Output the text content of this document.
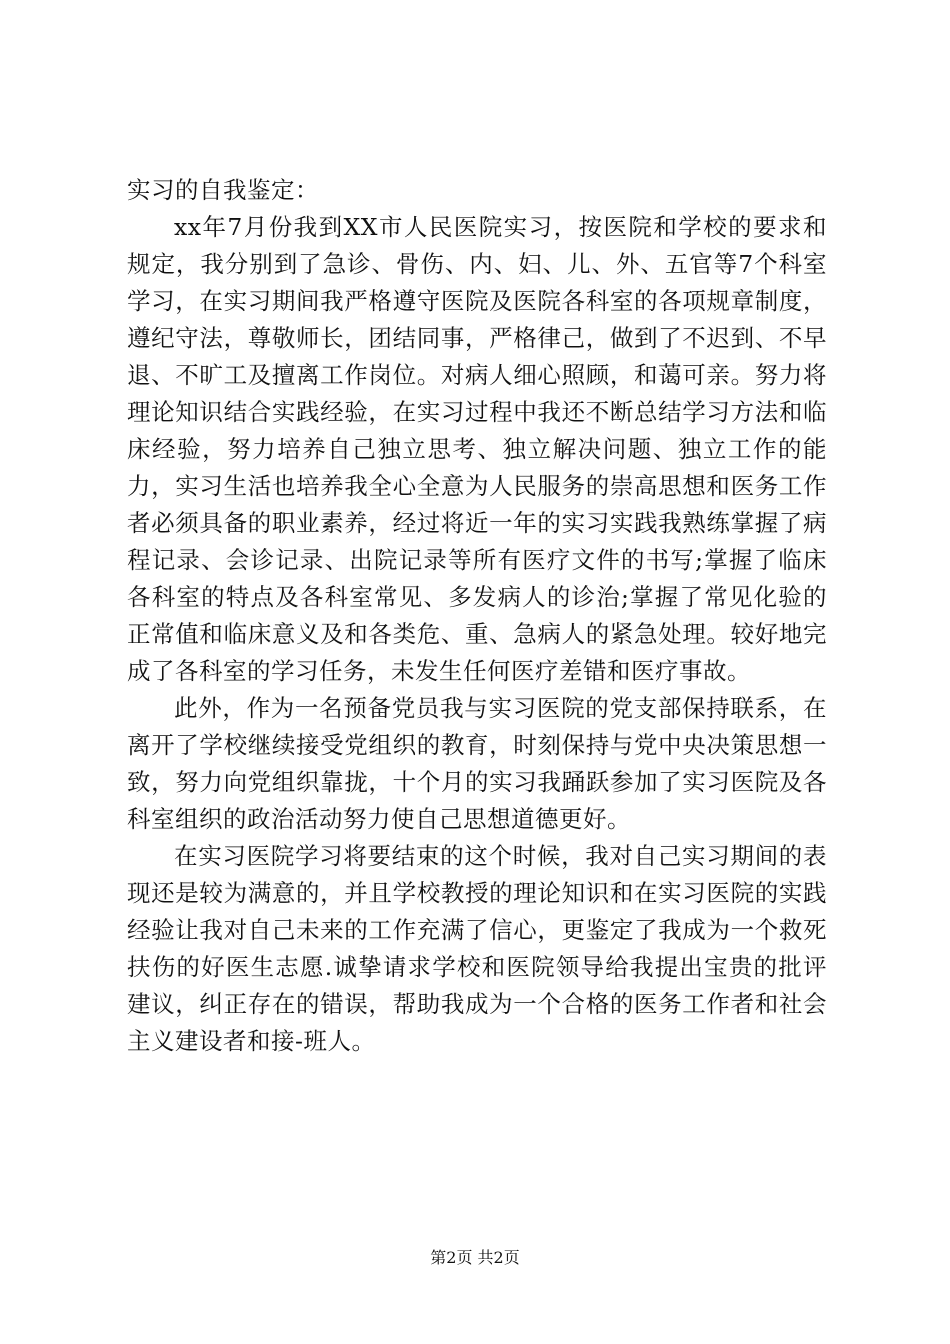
实习的自我鉴定：

xx年7月份我到XX市人民医院实习，按医院和学校的要求和规定，我分别到了急诊、骨伤、内、妇、儿、外、五官等7个科室学习，在实习期间我严格遵守医院及医院各科室的各项规章制度，遵纪守法，尊敬师长，团结同事，严格律己，做到了不迟到、不早退、不旷工及擅离工作岗位。对病人细心照顾，和蔼可亲。努力将理论知识结合实践经验，在实习过程中我还不断总结学习方法和临床经验，努力培养自己独立思考、独立解决问题、独立工作的能力，实习生活也培养我全心全意为人民服务的崇高思想和医务工作者必须具备的职业素养，经过将近一年的实习实践我熟练掌握了病程记录、会诊记录、出院记录等所有医疗文件的书写;掌握了临床各科室的特点及各科室常见、多发病人的诊治;掌握了常见化验的正常值和临床意义及和各类危、重、急病人的紧急处理。较好地完成了各科室的学习任务，未发生任何医疗差错和医疗事故。

此外，作为一名预备党员我与实习医院的党支部保持联系，在离开了学校继续接受党组织的教育，时刻保持与党中央决策思想一致，努力向党组织靠拢，十个月的实习我踊跃参加了实习医院及各科室组织的政治活动努力使自己思想道德更好。

在实习医院学习将要结束的这个时候，我对自己实习期间的表现还是较为满意的，并且学校教授的理论知识和在实习医院的实践经验让我对自己未来的工作充满了信心，更鉴定了我成为一个救死扶伤的好医生志愿.诚挚请求学校和医院领导给我提出宝贵的批评建议，纠正存在的错误，帮助我成为一个合格的医务工作者和社会主义建设者和接-班人。

第2页 共2页
